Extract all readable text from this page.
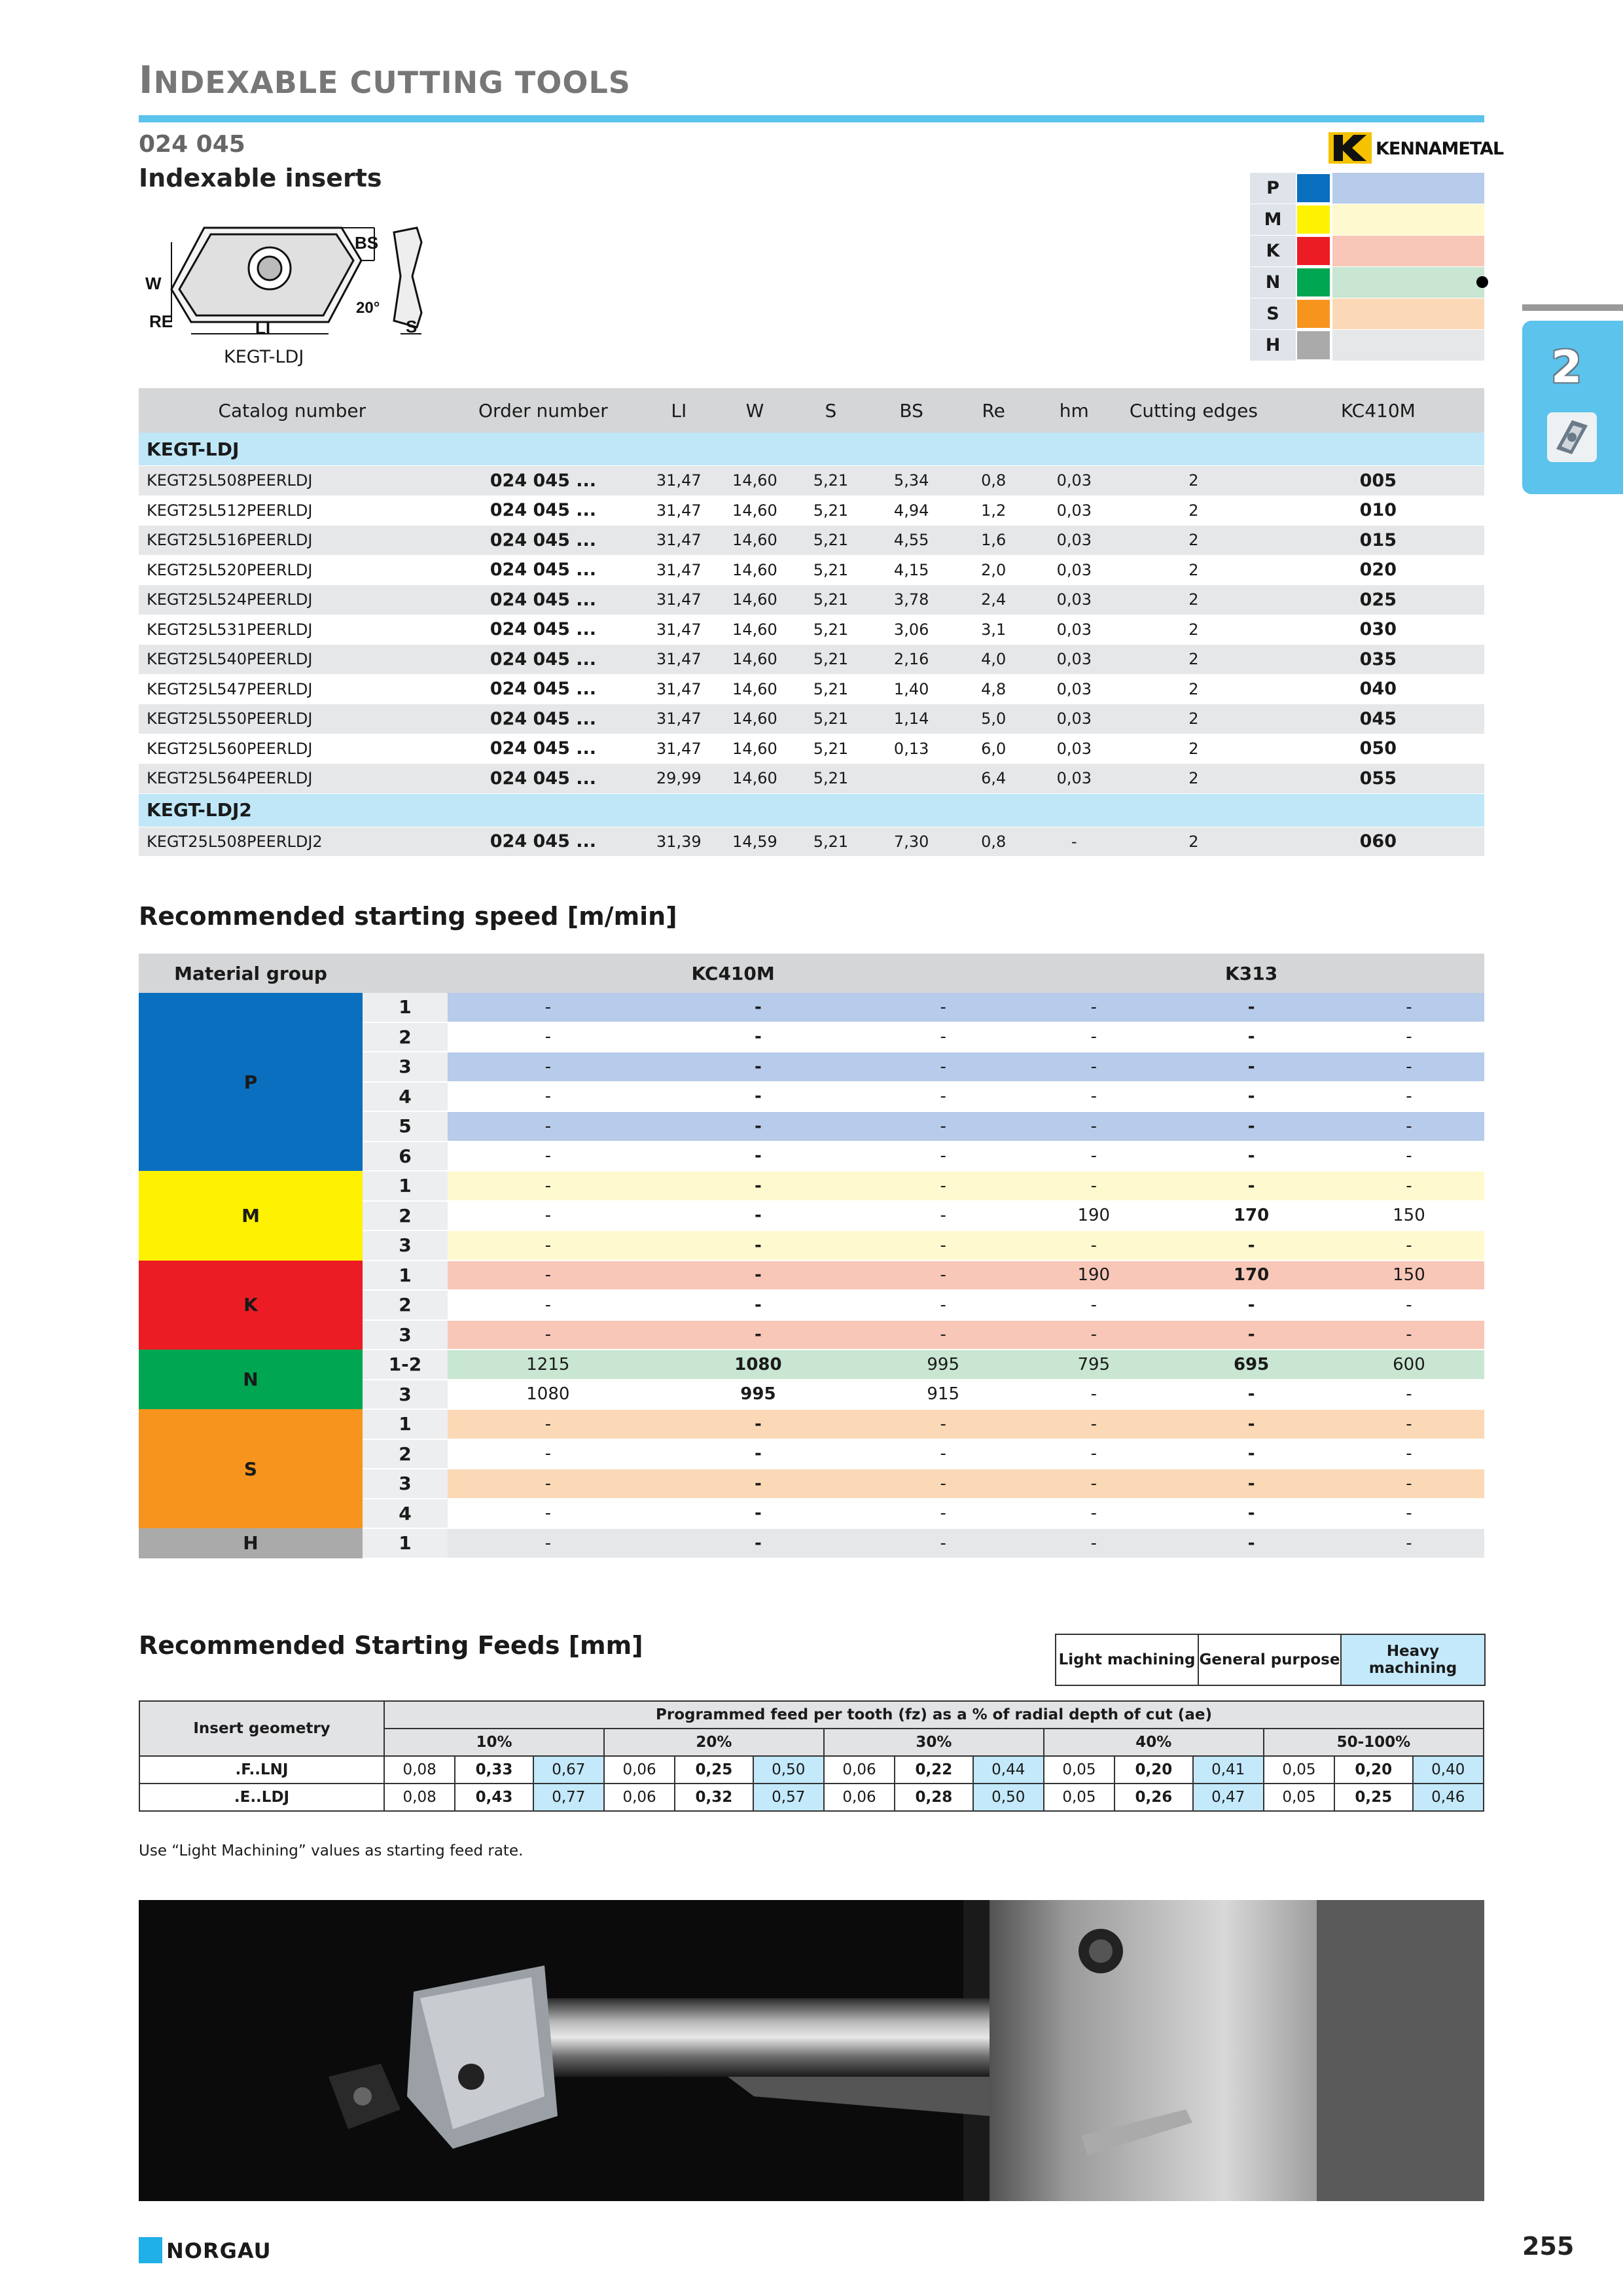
INDEXABLE CUTTING TOOLS
024 045
Indexable inserts
KENNAMETAL
P
M
K
N
S
H
W
BS
LI	S
RE
20°
KEGT-LDJ	2
Catalog number	Order number	LI	W	S	BS	Re	hm	Cutting edges	KC410M
KEGT-LDJ									
KEGT25L508PEERLDJ	024 045 ...	31,47	14,60	5,21	5,34	0,8	0,03	2	005
KEGT25L512PEERLDJ	024 045 ...	31,47	14,60	5,21	4,94	1,2	0,03	2	010
KEGT25L516PEERLDJ	024 045 ...	31,47	14,60	5,21	4,55	1,6	0,03	2	015
KEGT25L520PEERLDJ	024 045 ...	31,47	14,60	5,21	4,15	2,0	0,03	2	020
KEGT25L524PEERLDJ	024 045 ...	31,47	14,60	5,21	3,78	2,4	0,03	2	025
KEGT25L531PEERLDJ	024 045 ...	31,47	14,60	5,21	3,06	3,1	0,03	2	030
KEGT25L540PEERLDJ	024 045 ...	31,47	14,60	5,21	2,16	4,0	0,03	2	035
KEGT25L547PEERLDJ	024 045 ...	31,47	14,60	5,21	1,40	4,8	0,03	2	040
KEGT25L550PEERLDJ	024 045 ...	31,47	14,60	5,21	1,14	5,0	0,03	2	045
KEGT25L560PEERLDJ	024 045 ...	31,47	14,60	5,21	0,13	6,0	0,03	2	050
KEGT25L564PEERLDJ	024 045 ...	29,99	14,60	5,21		6,4	0,03	2	055
KEGT-LDJ2									
KEGT25L508PEERLDJ2	024 045 ...	31,39	14,59	5,21	7,30	0,8	-	2	060
Recommended starting speed [m/min]
Material group		KC410M			K313		
P	1	-	-	-	-	-	-
	2	-	-	-	-	-	-
	3	-	-	-	-	-	-
	4	-	-	-	-	-	-
	5	-	-	-	-	-	-
	6	-	-	-	-	-	-
M	1	-	-	-	-	-	-
	2	-	-	-	190	170	150
	3	-	-	-	-	-	-
K	1	-	-	-	190	170	150
	2	-	-	-	-	-	-
	3	-	-	-	-	-	-
N	1-2	1215	1080	995	795	695	600
	3	1080	995	915	-	-	-
S	1	-	-	-	-	-	-
	2	-	-	-	-	-	-
	3	-	-	-	-	-	-
	4	-	-	-	-	-	-
H	1	-	-	-	-	-	-
Recommended Starting Feeds [mm]	Light machining General purpose	Heavy machining
Insert geometry	Programmed feed per tooth (fz) as a % of radial depth of cut (ae)														
	10%			20%			30%			40%			50-100%		
.F..LNJ	0,08	0,33	0,67	0,06	0,25	0,50	0,06	0,22	0,44	0,05	0,20	0,41	0,05	0,20	0,40
.E..LDJ	0,08	0,43	0,77	0,06	0,32	0,57	0,06	0,28	0,50	0,05	0,26	0,47	0,05	0,25	0,46
Use “Light Machining” values as starting feed rate.
NORGAU	255
